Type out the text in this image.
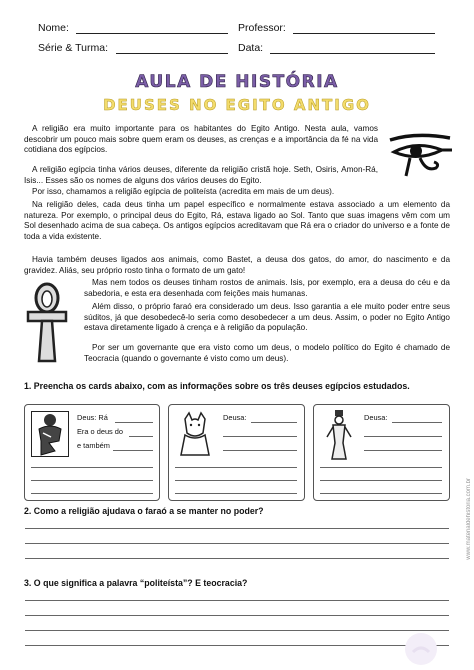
Nome:	Professor:
Série & Turma:	Data:
AULA DE HISTÓRIA
DEUSES NO EGITO ANTIGO

A religião era muito importante para os habitantes do Egito Antigo. Nesta aula, vamos descobrir um pouco mais sobre quem eram os deuses, as crenças e a importância da fé na vida cotidiana dos egípcios.

A religião egípcia tinha vários deuses, diferente da religião cristã hoje. Seth, Osiris, Amon-Rá, Isis... Esses são os nomes de alguns dos vários deuses do Egito.

Por isso, chamamos a religião egípcia de politeísta (acredita em mais de um deus).

Na religião deles, cada deus tinha um papel específico e normalmente estava associado a um elemento da natureza. Por exemplo, o principal deus do Egito, Rá, estava ligado ao Sol. Tanto que suas imagens vêm com um Sol desenhado acima de sua cabeça. Os antigos egípcios acreditavam que Rá era o criador do universo e a fonte de toda a vida existente.

Havia também deuses ligados aos animais, como Bastet, a deusa dos gatos, do amor, do nascimento e da gravidez. Aliás, seu próprio rosto tinha o formato de um gato!

Mas nem todos os deuses tinham rostos de animais. Isis, por exemplo, era a deusa do céu e da sabedoria, e esta era desenhada com feições mais humanas.

Além disso, o próprio faraó era considerado um deus. Isso garantia a ele muito poder entre seus súditos, já que desobedecê-lo seria como desobedecer a um deus. Assim, o poder no Egito Antigo estava diretamente ligado à crença e à religião da população.

Por ser um governante que era visto como um deus, o modelo político do Egito é chamado de Teocracia (quando o governante é visto como um deus).

1. Preencha os cards abaixo, com as informações sobre os três deuses egípcios estudados.
Deus: Rá
Era o deus do
e também
Deusa:	Deusa:
2. Como a religião ajudava o faraó a se manter no poder?
3. O que significa a palavra “politeísta”? E teocracia?
www.materialdehistoria.com.br
